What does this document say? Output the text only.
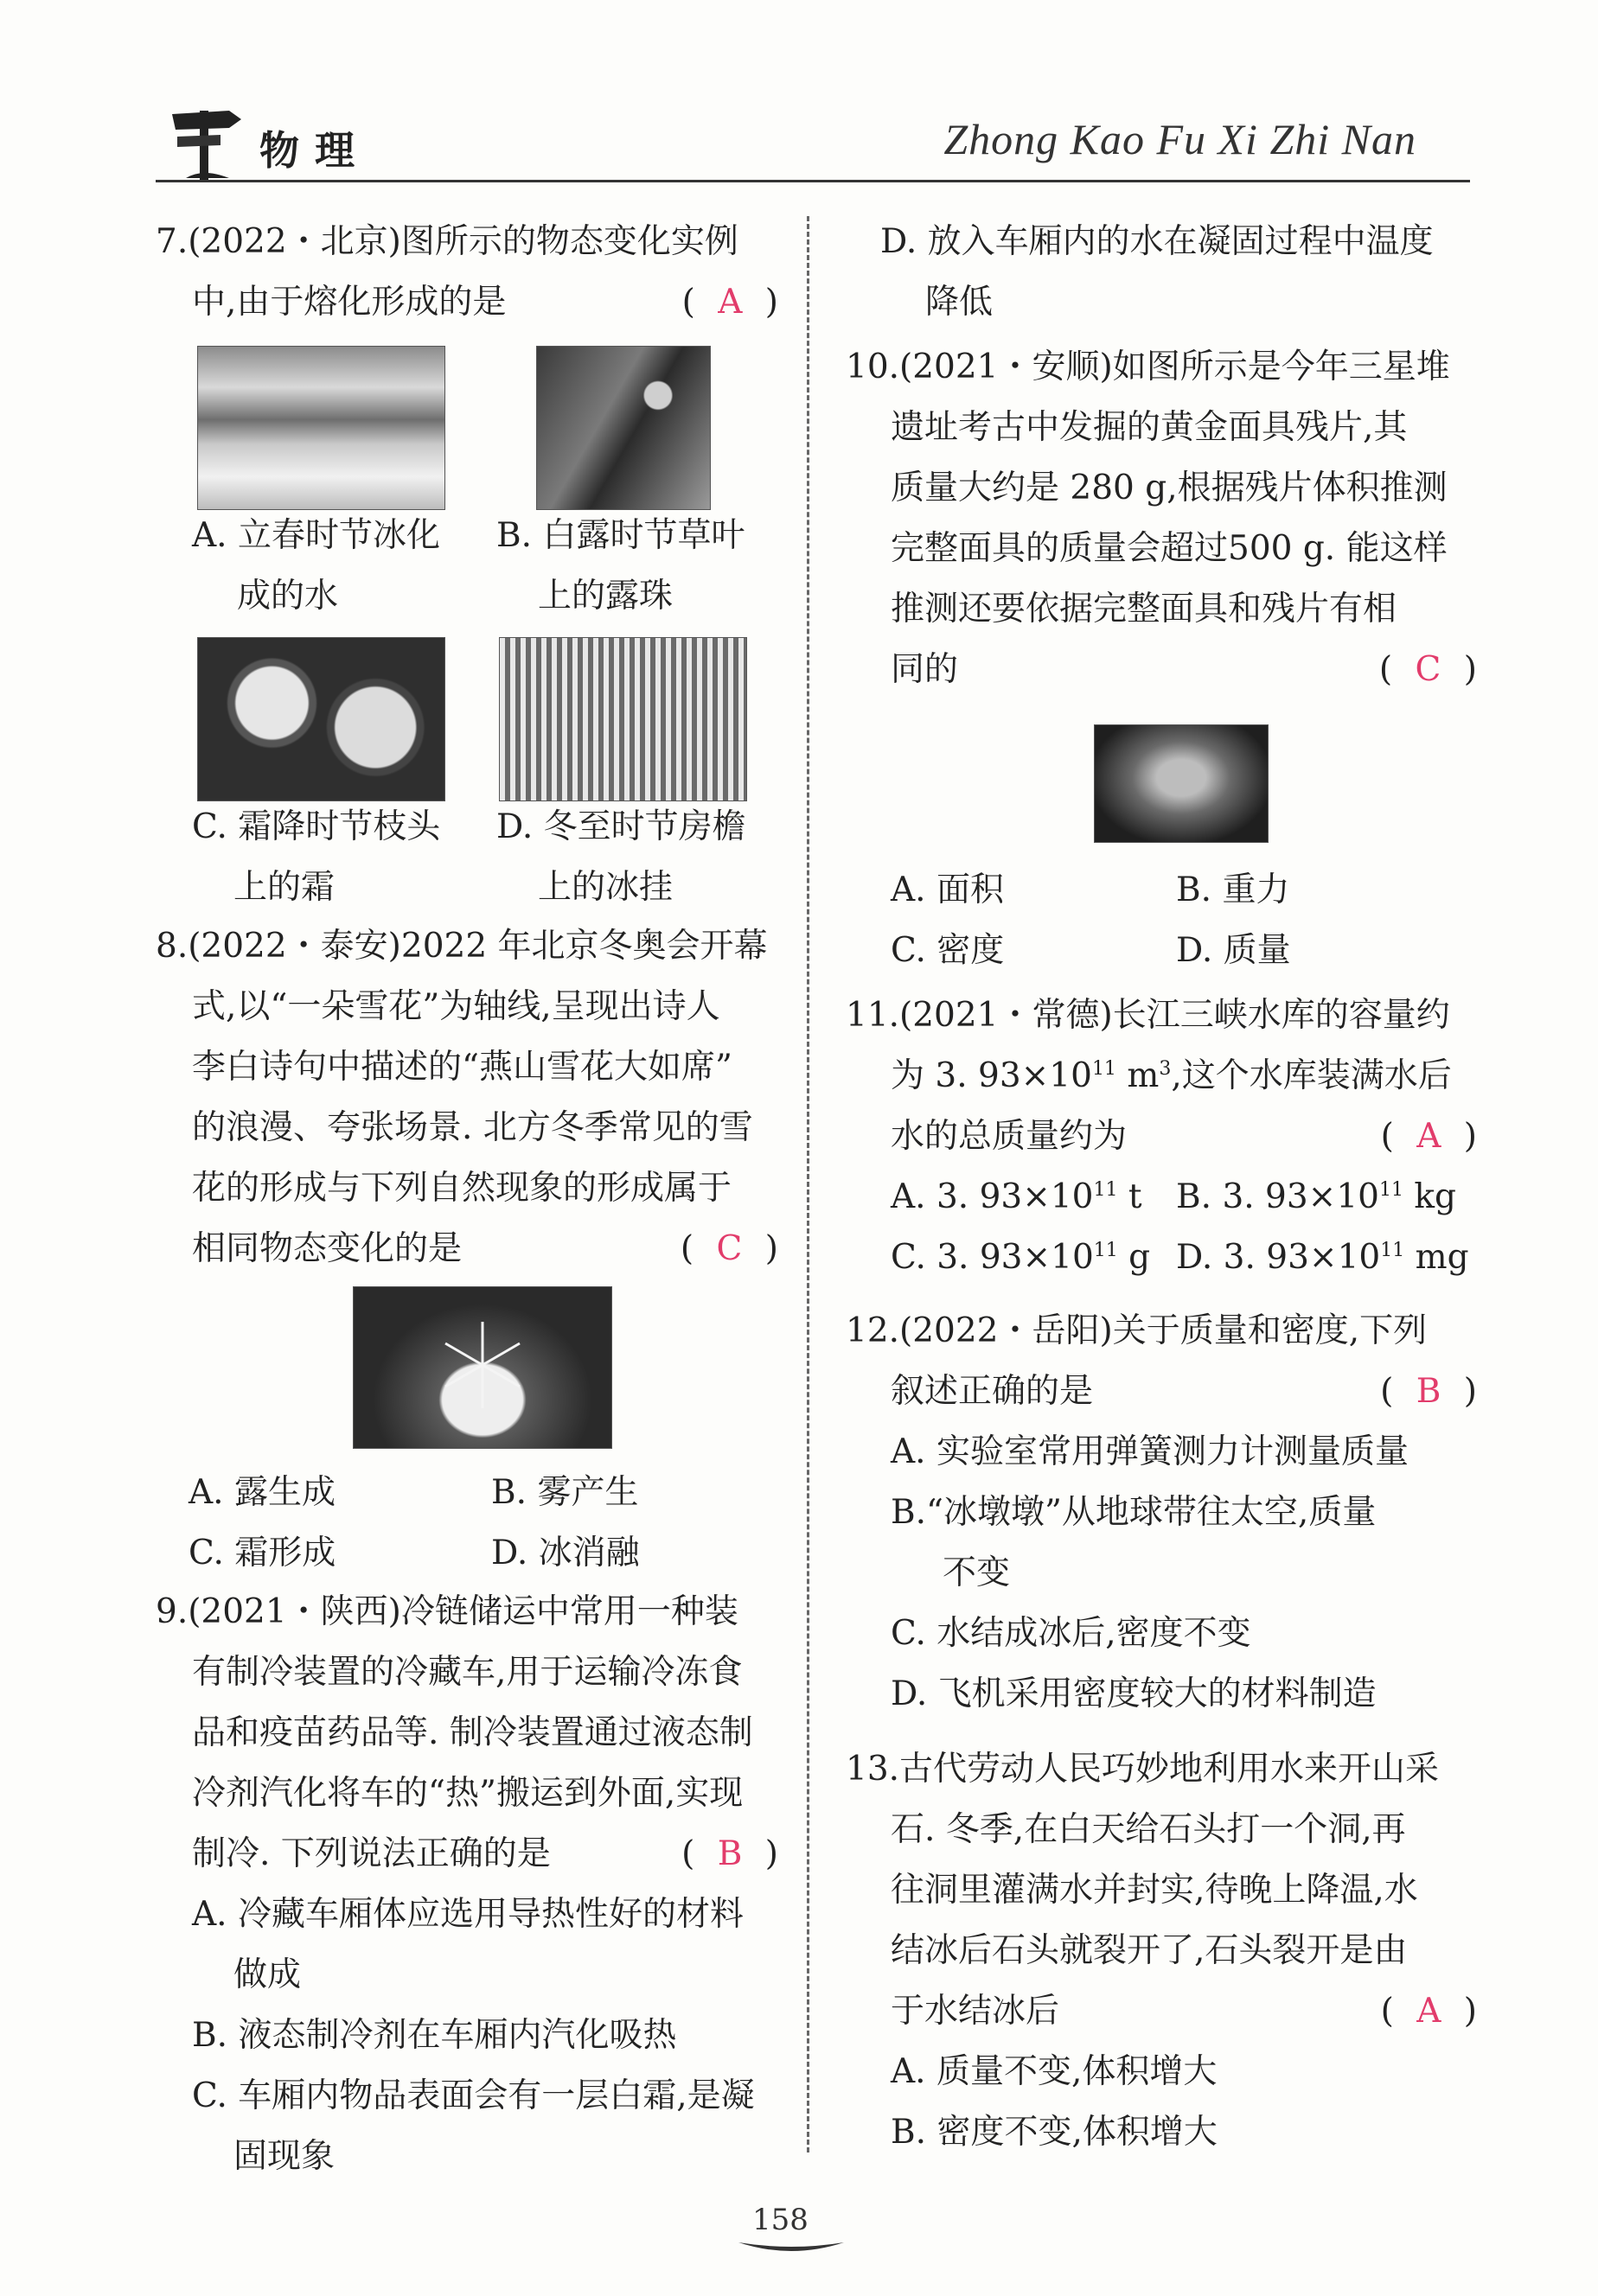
物理	Zhong Kao Fu Xi Zhi Nan
7.(2022・北京)图所示的物态变化实例
中,由于熔化形成的是	( A )
A. 立春时节冰化 B. 白露时节草叶
成的水	上的露珠
C. 霜降时节枝头 D. 冬至时节房檐
上的霜	上的冰挂
8.(2022・泰安)2022 年北京冬奥会开幕
式,以“一朵雪花”为轴线,呈现出诗人
李白诗句中描述的“燕山雪花大如席”
的浪漫、夸张场景. 北方冬季常见的雪
花的形成与下列自然现象的形成属于
相同物态变化的是	( C )
A. 露生成	B. 雾产生
C. 霜形成	D. 冰消融
9.(2021・陕西)冷链储运中常用一种装
有制冷装置的冷藏车,用于运输冷冻食
品和疫苗药品等. 制冷装置通过液态制
冷剂汽化将车的“热”搬运到外面,实现
制冷. 下列说法正确的是	( B )
A. 冷藏车厢体应选用导热性好的材料
做成
B. 液态制冷剂在车厢内汽化吸热
C. 车厢内物品表面会有一层白霜,是凝
固现象
D. 放入车厢内的水在凝固过程中温度
降低
10.(2021・安顺)如图所示是今年三星堆
遗址考古中发掘的黄金面具残片,其
质量大约是 280 g,根据残片体积推测
完整面具的质量会超过500 g. 能这样
推测还要依据完整面具和残片有相
同的	( C )
A. 面积	B. 重力
C. 密度	D. 质量
11.(2021・常德)长江三峡水库的容量约
为 3. $93\times 10^{11}$ $m^3$,这个水库装满水后
水的总质量约为	( A )
A. 3. $93\times 10^{11}$ t B. 3. $93\times 10^{11}$ kg
C. 3. $93\times 10^{11}$ g D. 3. $93\times 10^{11}$ mg
12.(2022・岳阳)关于质量和密度,下列
叙述正确的是	( B )
A. 实验室常用弹簧测力计测量质量
B.“冰墩墩”从地球带往太空,质量
不变
C. 水结成冰后,密度不变
D. 飞机采用密度较大的材料制造
13.古代劳动人民巧妙地利用水来开山采
石. 冬季,在白天给石头打一个洞,再
往洞里灌满水并封实,待晚上降温,水
结冰后石头就裂开了,石头裂开是由
于水结冰后	( A )
A. 质量不变,体积增大
B. 密度不变,体积增大
158
